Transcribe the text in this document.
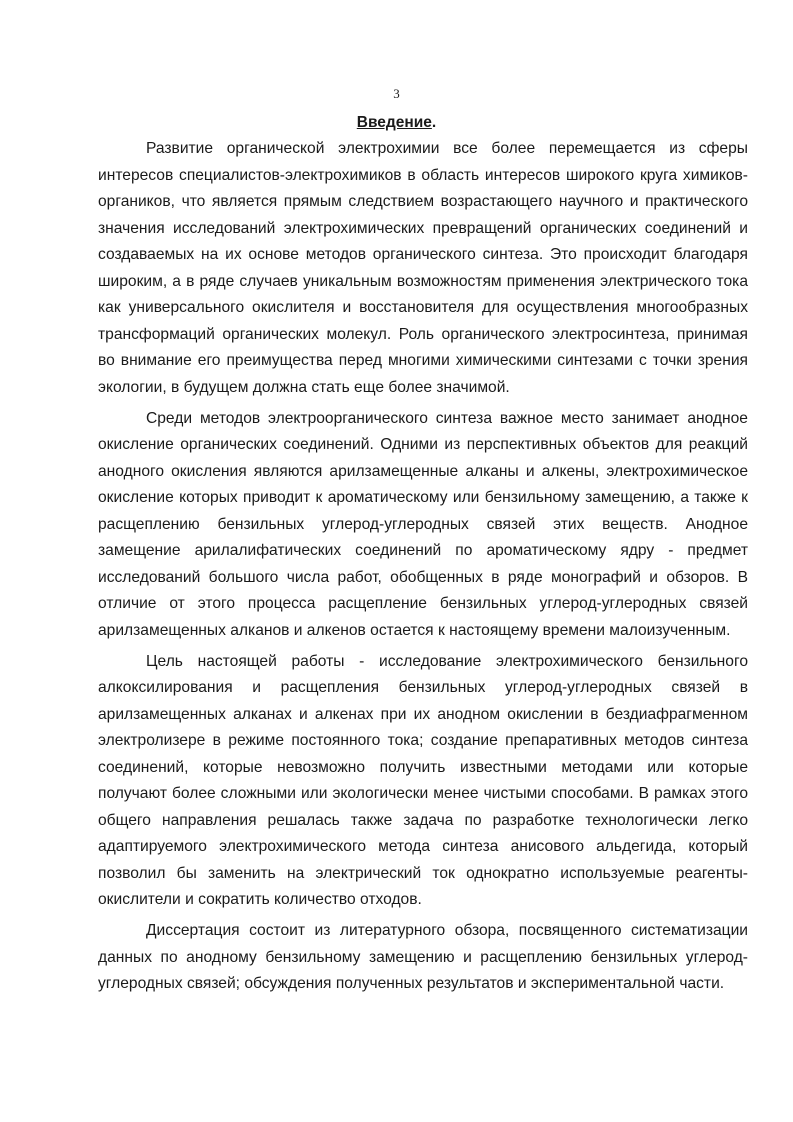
3
Введение.

Развитие органической электрохимии все более перемещается из сферы интересов специалистов-электрохимиков в область интересов широкого круга химиков-органиков, что является прямым следствием возрастающего научного и практического значения исследований электрохимических превращений органических соединений и создаваемых на их основе методов органического синтеза. Это происходит благодаря широким, а в ряде случаев уникальным возможностям применения электрического тока как универсального окислителя и восстановителя для осуществления многообразных трансформаций органических молекул. Роль органического электросинтеза, принимая во внимание его преимущества перед многими химическими синтезами с точки зрения экологии, в будущем должна стать еще более значимой.

Среди методов электроорганического синтеза важное место занимает анодное окисление органических соединений. Одними из перспективных объектов для реакций анодного окисления являются арилзамещенные алканы и алкены, электрохимическое окисление которых приводит к ароматическому или бензильному замещению, а также к расщеплению бензильных углерод-углеродных связей этих веществ. Анодное замещение арилалифатических соединений по ароматическому ядру - предмет исследований большого числа работ, обобщенных в ряде монографий и обзоров. В отличие от этого процесса расщепление бензильных углерод-углеродных связей арилзамещенных алканов и алкенов остается к настоящему времени малоизученным.

Цель настоящей работы - исследование электрохимического бензильного алкоксилирования и расщепления бензильных углерод-углеродных связей в арилзамещенных алканах и алкенах при их анодном окислении в бездиафрагменном электролизере в режиме постоянного тока; создание препаративных методов синтеза соединений, которые невозможно получить известными методами или которые получают более сложными или экологически менее чистыми способами. В рамках этого общего направления решалась также задача по разработке технологически легко адаптируемого электрохимического метода синтеза анисового альдегида, который позволил бы заменить на электрический ток однократно используемые реагенты-окислители и сократить количество отходов.

Диссертация состоит из литературного обзора, посвященного систематизации данных по анодному бензильному замещению и расщеплению бензильных углерод-углеродных связей; обсуждения полученных результатов и экспериментальной части.
